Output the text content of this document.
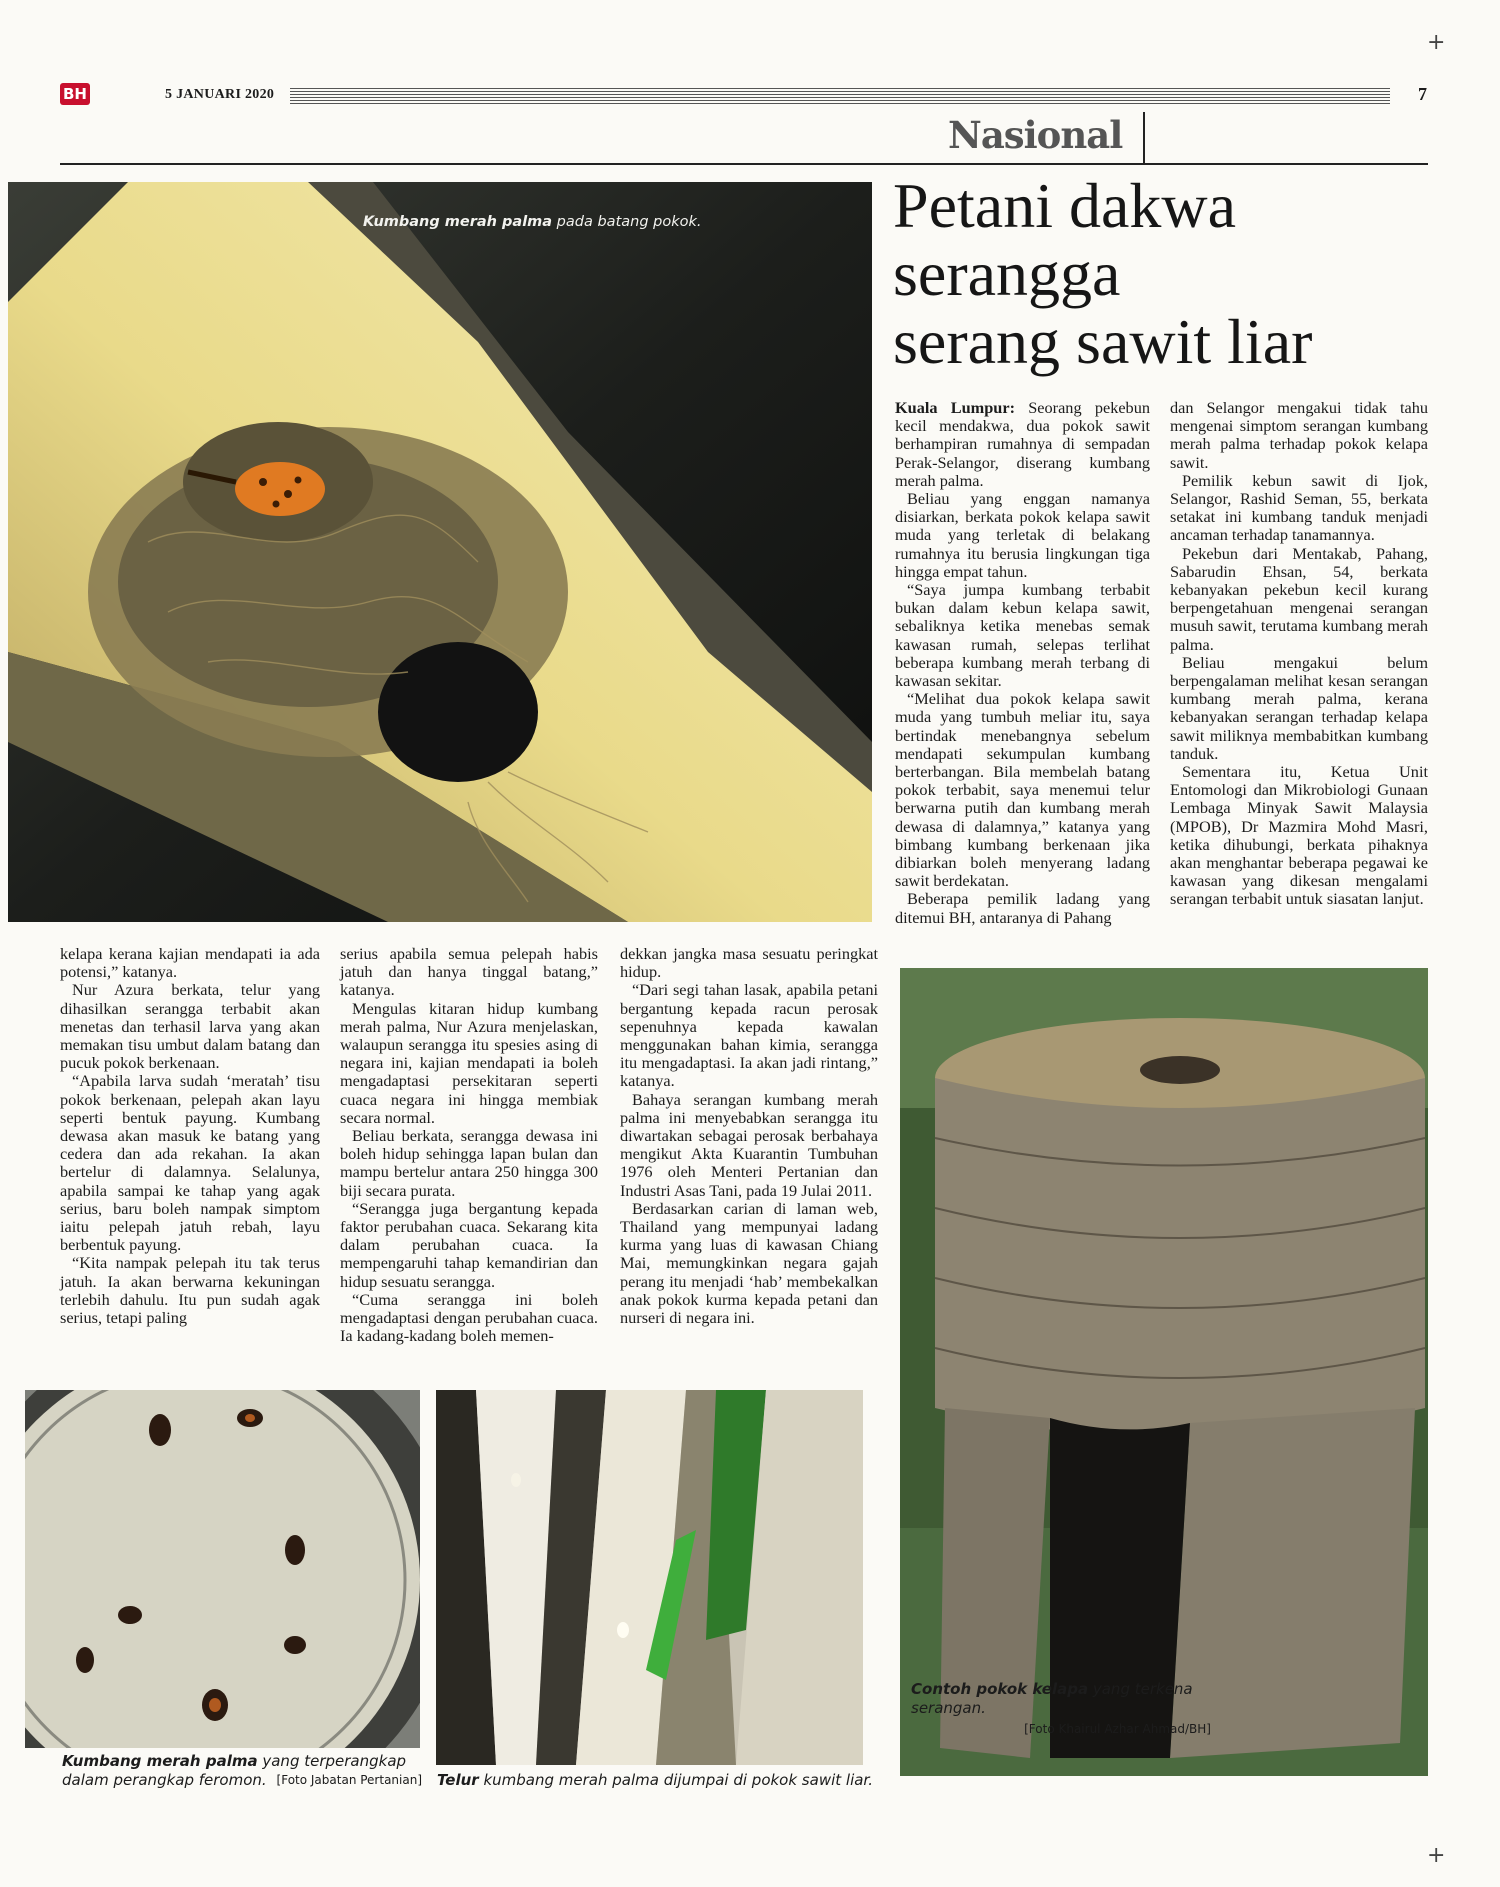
BH	5 JANUARI 2020	7
+
Nasional
Kumbang merah palma pada batang pokok.	Petani dakwa
serangga
serang sawit liar

Kuala Lumpur: Seorang pekebun kecil mendakwa, dua pokok sawit berhampiran rumahnya di sempadan Perak-Selangor, diserang kumbang merah palma.

Beliau yang enggan namanya disiarkan, berkata pokok kelapa sawit muda yang terletak di belakang rumahnya itu berusia lingkungan tiga hingga empat tahun.

“Saya jumpa kumbang terbabit bukan dalam kebun kelapa sawit, sebaliknya ketika menebas semak kawasan rumah, selepas terlihat beberapa kumbang merah terbang di kawasan sekitar.

“Melihat dua pokok kelapa sawit muda yang tumbuh meliar itu, saya bertindak menebangnya sebelum mendapati sekumpulan kumbang berterbangan. Bila membelah batang pokok terbabit, saya menemui telur berwarna putih dan kumbang merah dewasa di dalamnya,” katanya yang bimbang kumbang berkenaan jika dibiarkan boleh menyerang ladang sawit berdekatan.

Beberapa pemilik ladang yang ditemui BH, antaranya di Pahang

dan Selangor mengakui tidak tahu mengenai simptom serangan kumbang merah palma terhadap pokok kelapa sawit.

Pemilik kebun sawit di Ijok, Selangor, Rashid Seman, 55, berkata setakat ini kumbang tanduk menjadi ancaman terhadap tanamannya.

Pekebun dari Mentakab, Pahang, Sabarudin Ehsan, 54, berkata kebanyakan pekebun kecil kurang berpengetahuan mengenai serangan musuh sawit, terutama kumbang merah palma.

Beliau mengakui belum berpengalaman melihat kesan serangan kumbang merah palma, kerana kebanyakan serangan terhadap kelapa sawit miliknya membabitkan kumbang tanduk.

Sementara itu, Ketua Unit Entomologi dan Mikrobiologi Gunaan Lembaga Minyak Sawit Malaysia (MPOB), Dr Mazmira Mohd Masri, ketika dihubungi, berkata pihaknya akan menghantar beberapa pegawai ke kawasan yang dikesan mengalami serangan terbabit untuk siasatan lanjut.

kelapa kerana kajian mendapati ia ada potensi,” katanya.

Nur Azura berkata, telur yang dihasilkan serangga terbabit akan menetas dan terhasil larva yang akan memakan tisu umbut dalam batang dan pucuk pokok berkenaan.

“Apabila larva sudah ‘meratah’ tisu pokok berkenaan, pelepah akan layu seperti bentuk payung. Kumbang dewasa akan masuk ke batang yang cedera dan ada rekahan. Ia akan bertelur di dalamnya. Selalunya, apabila sampai ke tahap yang agak serius, baru boleh nampak simptom iaitu pelepah jatuh rebah, layu berbentuk payung.

“Kita nampak pelepah itu tak terus jatuh. Ia akan berwarna kekuningan terlebih dahulu. Itu pun sudah agak serius, tetapi paling

serius apabila semua pelepah habis jatuh dan hanya tinggal batang,” katanya.

Mengulas kitaran hidup kumbang merah palma, Nur Azura menjelaskan, walaupun serangga itu spesies asing di negara ini, kajian mendapati ia boleh mengadaptasi persekitaran seperti cuaca negara ini hingga membiak secara normal.

Beliau berkata, serangga dewasa ini boleh hidup sehingga lapan bulan dan mampu bertelur antara 250 hingga 300 biji secara purata.

“Serangga juga bergantung kepada faktor perubahan cuaca. Sekarang kita dalam perubahan cuaca. Ia mempengaruhi tahap kemandirian dan hidup sesuatu serangga.

“Cuma serangga ini boleh mengadaptasi dengan perubahan cuaca. Ia kadang-kadang boleh memen-

dekkan jangka masa sesuatu peringkat hidup.

“Dari segi tahan lasak, apabila petani bergantung kepada racun perosak sepenuhnya kepada kawalan menggunakan bahan kimia, serangga itu mengadaptasi. Ia akan jadi rintang,” katanya.

Bahaya serangan kumbang merah palma ini menyebabkan serangga itu diwartakan sebagai perosak berbahaya mengikut Akta Kuarantin Tumbuhan 1976 oleh Menteri Pertanian dan Industri Asas Tani, pada 19 Julai 2011.

Berdasarkan carian di laman web, Thailand yang mempunyai ladang kurma yang luas di kawasan Chiang Mai, memungkinkan negara gajah perang itu menjadi ‘hab’ membekalkan anak pokok kurma kepada petani dan nurseri di negara ini.

Kumbang merah palma yang terperangkap dalam perangkap feromon. [Foto Jabatan Pertanian] Telur kumbang merah palma dijumpai di pokok sawit liar.
Contoh pokok kelapa yang terkena serangan.
[Foto Khairul Azhar Ahmad/BH]
+
